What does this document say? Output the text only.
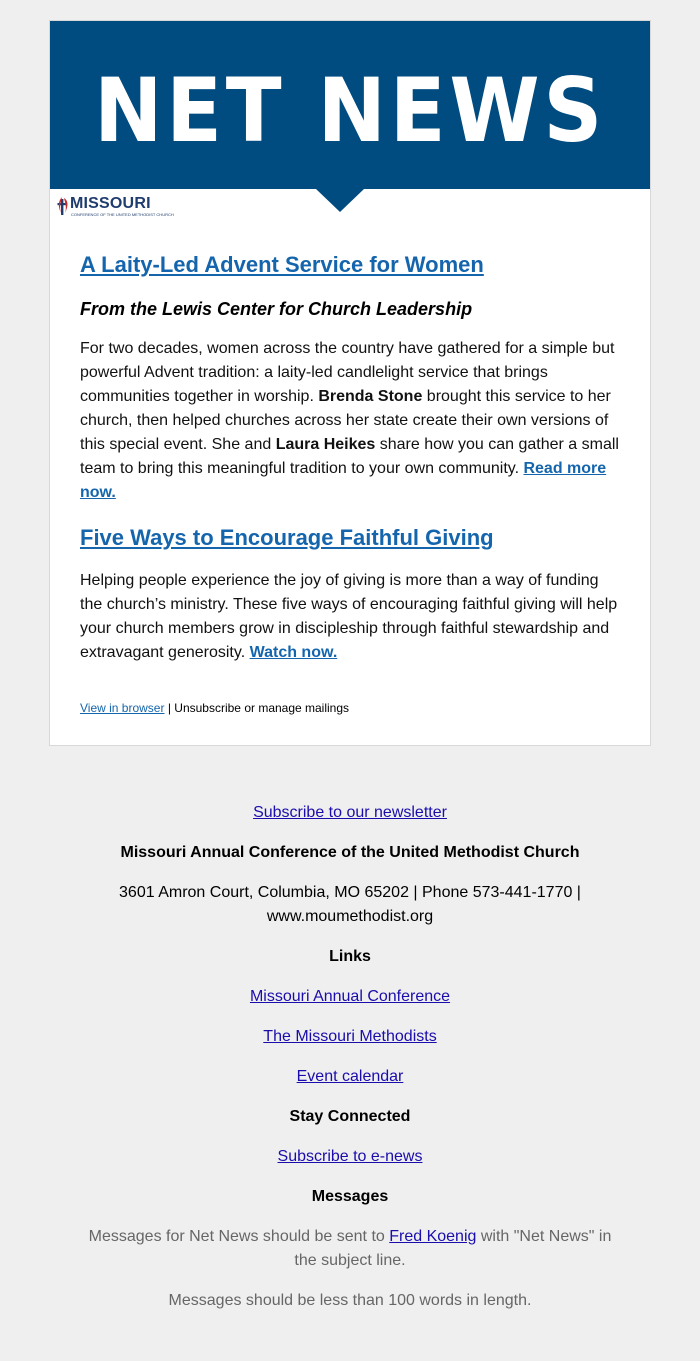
NET NEWS
MISSOURI
CONFERENCE OF THE UNITED METHODIST CHURCH
A Laity-Led Advent Service for Women
From the Lewis Center for Church Leadership
For two decades, women across the country have gathered for a simple but powerful Advent tradition: a laity-led candlelight service that brings communities together in worship. Brenda Stone brought this service to her church, then helped churches across her state create their own versions of this special event. She and Laura Heikes share how you can gather a small team to bring this meaningful tradition to your own community. Read more now.
Five Ways to Encourage Faithful Giving
Helping people experience the joy of giving is more than a way of funding the church’s ministry. These five ways of encouraging faithful giving will help your church members grow in discipleship through faithful stewardship and extravagant generosity. Watch now.
View in browser | Unsubscribe or manage mailings
Subscribe to our newsletter
Missouri Annual Conference of the United Methodist Church
3601 Amron Court, Columbia, MO 65202 | Phone 573-441-1770 |
www.moumethodist.org
Links
Missouri Annual Conference
The Missouri Methodists
Event calendar
Stay Connected
Subscribe to e-news
Messages
Messages for Net News should be sent to Fred Koenig with "Net News" in
the subject line.
Messages should be less than 100 words in length.
